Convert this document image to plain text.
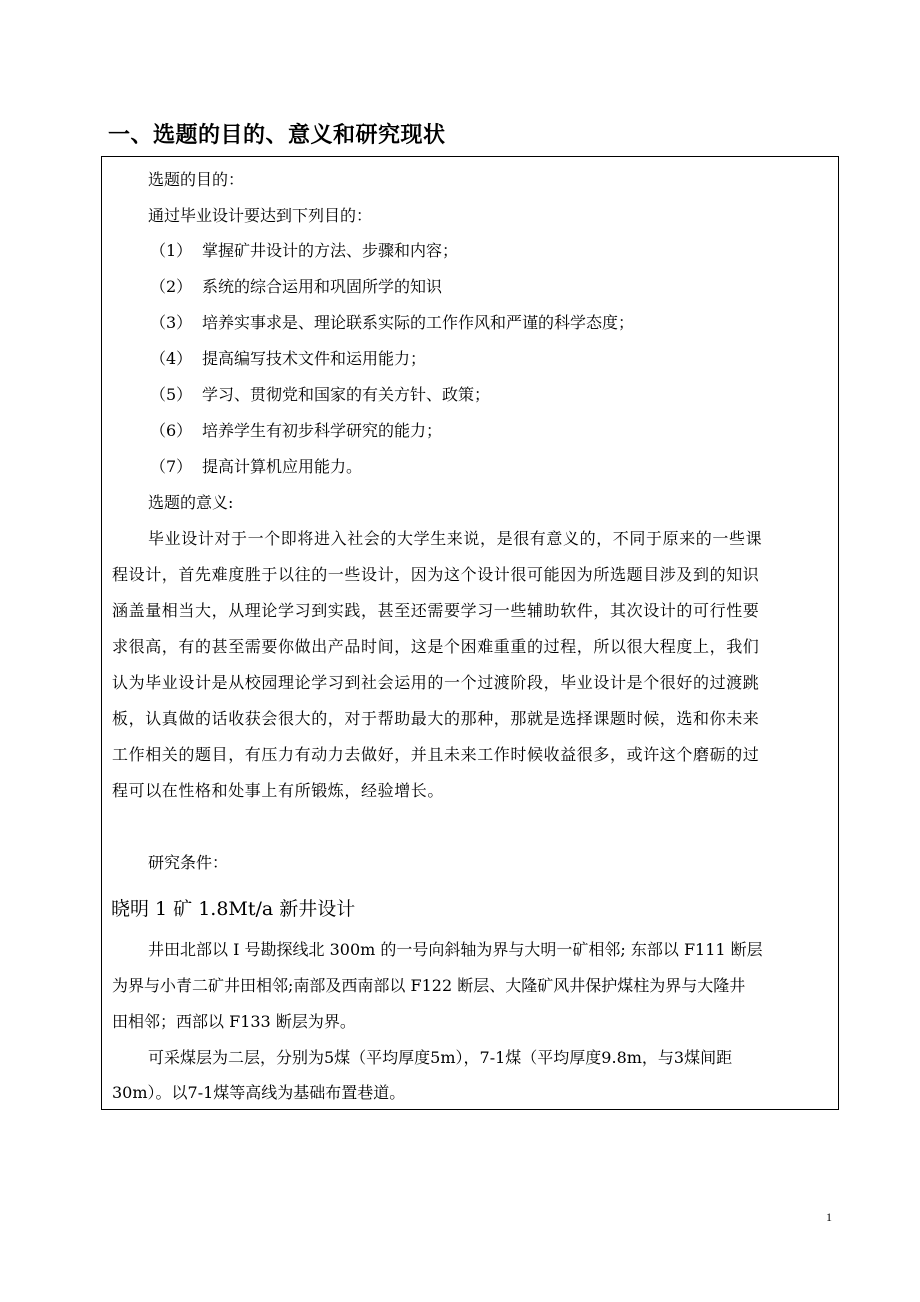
一、选题的目的、意义和研究现状
选题的目的：
通过毕业设计要达到下列目的：
（1） 掌握矿井设计的方法、步骤和内容；
（2） 系统的综合运用和巩固所学的知识
（3） 培养实事求是、理论联系实际的工作作风和严谨的科学态度；
（4） 提高编写技术文件和运用能力；
（5） 学习、贯彻党和国家的有关方针、政策；
（6） 培养学生有初步科学研究的能力；
（7） 提高计算机应用能力。
选题的意义:
毕业设计对于一个即将进入社会的大学生来说，是很有意义的，不同于原来的一些课
程设计，首先难度胜于以往的一些设计，因为这个设计很可能因为所选题目涉及到的知识
涵盖量相当大，从理论学习到实践，甚至还需要学习一些辅助软件，其次设计的可行性要
求很高，有的甚至需要你做出产品时间，这是个困难重重的过程，所以很大程度上，我们
认为毕业设计是从校园理论学习到社会运用的一个过渡阶段，毕业设计是个很好的过渡跳
板，认真做的话收获会很大的，对于帮助最大的那种，那就是选择课题时候，选和你未来
工作相关的题目，有压力有动力去做好，并且未来工作时候收益很多，或许这个磨砺的过
程可以在性格和处事上有所锻炼，经验增长。
研究条件：
晓明 1 矿 1.8Mt/a 新井设计
井田北部以 I 号勘探线北 300m 的一号向斜轴为界与大明一矿相邻; 东部以 F111 断层
为界与小青二矿井田相邻;南部及西南部以 F122 断层、大隆矿风井保护煤柱为界与大隆井
田相邻；西部以 F133 断层为界。
可采煤层为二层，分别为5煤（平均厚度5m），7-1煤（平均厚度9.8m，与3煤间距
30m）。以7-1煤等高线为基础布置巷道。
1
